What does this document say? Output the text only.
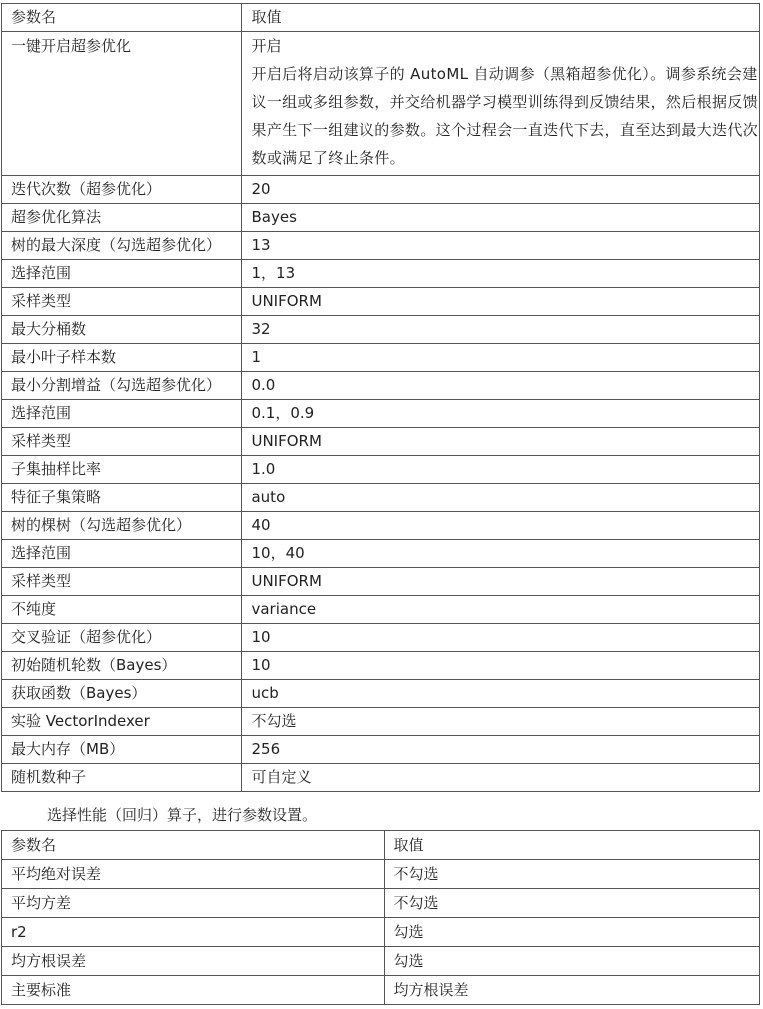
参数名	取值
一键开启超参优化	开启
开启后将启动该算子的 AutoML 自动调参（黑箱超参优化）。调参系统会建议一组或多组参数，并交给机器学习模型训练得到反馈结果，然后根据反馈果产生下一组建议的参数。这个过程会一直迭代下去，直至达到最大迭代次数或满足了终止条件。

迭代次数（超参优化）	20
超参优化算法	Bayes
树的最大深度（勾选超参优化）	13
选择范围	1，13
采样类型	UNIFORM
最大分桶数	32
最小叶子样本数	1
最小分割增益（勾选超参优化）	0.0
选择范围	0.1，0.9
采样类型	UNIFORM
子集抽样比率	1.0
特征子集策略	auto
树的棵树（勾选超参优化）	40
选择范围	10，40
采样类型	UNIFORM
不纯度	variance
交叉验证（超参优化）	10
初始随机轮数（Bayes）	10
获取函数（Bayes）	ucb
实验 VectorIndexer	不勾选
最大内存（MB）	256
随机数种子	可自定义

选择性能（回归）算子，进行参数设置。

参数名	取值
平均绝对误差	不勾选
平均方差	不勾选
r2	勾选
均方根误差	勾选
主要标准	均方根误差
